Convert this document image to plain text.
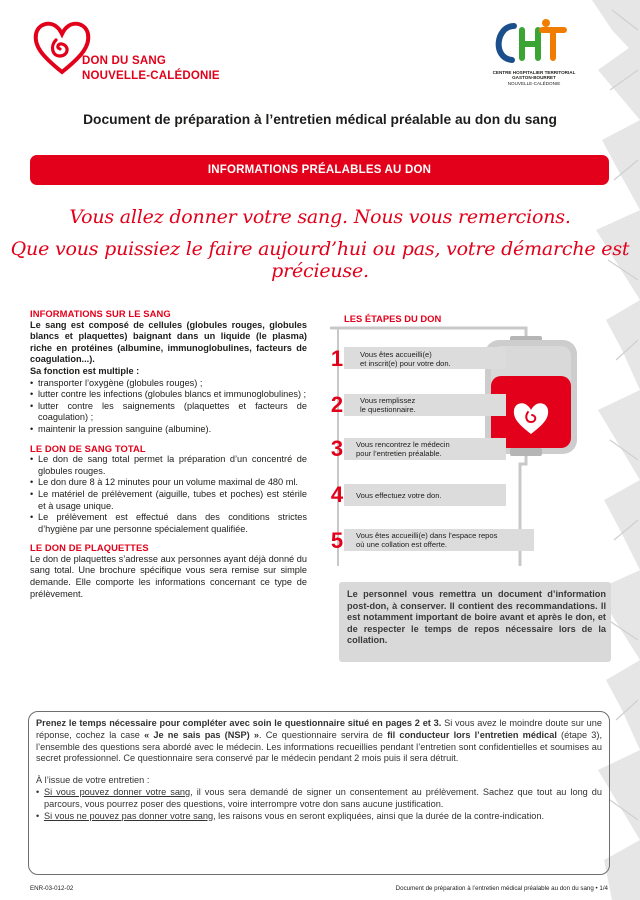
DON DU SANG
NOUVELLE-CALÉDONIE	CENTRE HOSPITALIER TERRITORIAL
GASTON-BOURRET
NOUVELLE-CALÉDONIE
Document de préparation à l’entretien médical préalable au don du sang
INFORMATIONS PRÉALABLES AU DON
Vous allez donner votre sang. Nous vous remercions.
Que vous puissiez le faire aujourd’hui ou pas, votre démarche est précieuse.
INFORMATIONS SUR LE SANG
Le sang est composé de cellules (globules rouges, globules blancs et plaquettes) baignant dans un liquide (le plasma) riche en protéines (albumine, immunoglobulines, facteurs de coagulation...).
Sa fonction est multiple :
• transporter l’oxygène (globules rouges) ;
• lutter contre les infections (globules blancs et immunoglobulines) ;
• lutter contre les saignements (plaquettes et facteurs de coagulation) ;
• maintenir la pression sanguine (albumine).
LE DON DE SANG TOTAL
• Le don de sang total permet la préparation d’un concentré de globules rouges.
• Le don dure 8 à 12 minutes pour un volume maximal de 480 ml.
• Le matériel de prélèvement (aiguille, tubes et poches) est stérile et à usage unique.
• Le prélèvement est effectué dans des conditions strictes d’hygiène par une personne spécialement qualifiée.
LE DON DE PLAQUETTES
Le don de plaquettes s’adresse aux personnes ayant déjà donné du sang total. Une brochure spécifique vous sera remise sur simple demande. Elle comporte les informations concernant ce type de prélèvement.
LES ÉTAPES DU DON
1	Vous êtes accueilli(e)
et inscrit(e) pour votre don.
2	Vous remplissez
le questionnaire.
3	Vous rencontrez le médecin
pour l’entretien préalable.
4	Vous effectuez votre don.
5	Vous êtes accueilli(e) dans l’espace repos
où une collation est offerte.
Le personnel vous remettra un document d’information post-don, à conserver. Il contient des recommandations. Il est notamment important de boire avant et après le don, et de respecter le temps de repos nécessaire lors de la collation.

Prenez le temps nécessaire pour compléter avec soin le questionnaire situé en pages 2 et 3. Si vous avez le moindre doute sur une réponse, cochez la case « Je ne sais pas (NSP) ». Ce questionnaire servira de fil conducteur lors l’entretien médical (étape 3), l’ensemble des questions sera abordé avec le médecin. Les informations recueillies pendant l’entretien sont confidentielles et soumises au secret professionnel. Ce questionnaire sera conservé par le médecin pendant 2 mois puis il sera détruit.

À l’issue de votre entretien :

• Si vous pouvez donner votre sang, il vous sera demandé de signer un consentement au prélèvement. Sachez que tout au long du parcours, vous pourrez poser des questions, voire interrompre votre don sans aucune justification.
• Si vous ne pouvez pas donner votre sang, les raisons vous en seront expliquées, ainsi que la durée de la contre-indication.
ENR-03-012-02	Document de préparation à l’entretien médical préalable au don du sang • 1/4
